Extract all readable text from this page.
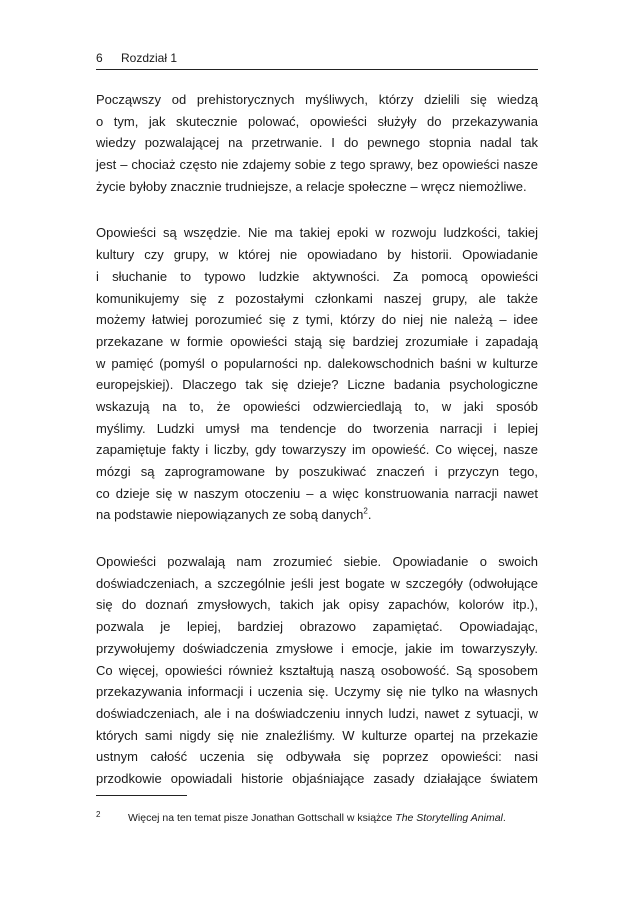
6 Rozdział 1

Począwszy od prehistorycznych myśliwych, którzy dzielili się wiedzą
o tym, jak skutecznie polować, opowieści służyły do przekazywania
wiedzy pozwalającej na przetrwanie. I do pewnego stopnia nadal tak
jest – chociaż często nie zdajemy sobie z tego sprawy, bez opowieści nasze
życie byłoby znacznie trudniejsze, a relacje społeczne – wręcz niemożliwe.

Opowieści są wszędzie. Nie ma takiej epoki w rozwoju ludzkości, takiej
kultury czy grupy, w której nie opowiadano by historii. Opowiadanie
i słuchanie to typowo ludzkie aktywności. Za pomocą opowieści
komunikujemy się z pozostałymi członkami naszej grupy, ale także
możemy łatwiej porozumieć się z tymi, którzy do niej nie należą – idee
przekazane w formie opowieści stają się bardziej zrozumiałe i zapadają
w pamięć (pomyśl o popularności np. dalekowschodnich baśni w kulturze
europejskiej). Dlaczego tak się dzieje? Liczne badania psychologiczne
wskazują na to, że opowieści odzwierciedlają to, w jaki sposób
myślimy. Ludzki umysł ma tendencje do tworzenia narracji i lepiej
zapamiętuje fakty i liczby, gdy towarzyszy im opowieść. Co więcej, nasze
mózgi są zaprogramowane by poszukiwać znaczeń i przyczyn tego,
co dzieje się w naszym otoczeniu – a więc konstruowania narracji nawet
na podstawie niepowiązanych ze sobą danych$^2$.

Opowieści pozwalają nam zrozumieć siebie. Opowiadanie o swoich
doświadczeniach, a szczególnie jeśli jest bogate w szczegóły (odwołujące
się do doznań zmysłowych, takich jak opisy zapachów, kolorów itp.),
pozwala je lepiej, bardziej obrazowo zapamiętać. Opowiadając,
przywołujemy doświadczenia zmysłowe i emocje, jakie im towarzyszyły.
Co więcej, opowieści również kształtują naszą osobowość. Są sposobem
przekazywania informacji i uczenia się. Uczymy się nie tylko na własnych
doświadczeniach, ale i na doświadczeniu innych ludzi, nawet z sytuacji, w
których sami nigdy się nie znaleźliśmy. W kulturze opartej na przekazie
ustnym całość uczenia się odbywała się poprzez opowieści: nasi
przodkowie opowiadali historie objaśniające zasady działające światem

2	Więcej na ten temat pisze Jonathan Gottschall w książce The Storytelling Animal.
